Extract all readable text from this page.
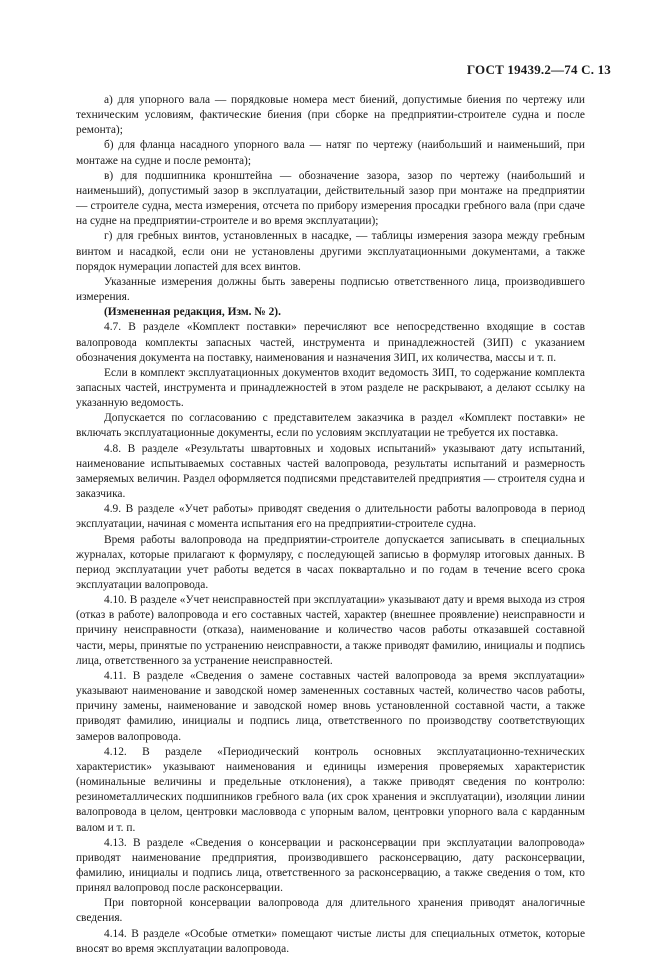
ГОСТ 19439.2—74 С. 13

а) для упорного вала — порядковые номера мест биений, допустимые биения по чертежу или техническим условиям, фактические биения (при сборке на предприятии-строителе судна и после ремонта);

б) для фланца насадного упорного вала — натяг по чертежу (наибольший и наименьший, при монтаже на судне и после ремонта);

в) для подшипника кронштейна — обозначение зазора, зазор по чертежу (наибольший и наименьший), допустимый зазор в эксплуатации, действительный зазор при монтаже на предприятии — строителе судна, места измерения, отсчета по прибору измерения просадки гребного вала (при сдаче на судне на предприятии-строителе и во время эксплуатации);

г) для гребных винтов, установленных в насадке, — таблицы измерения зазора между гребным винтом и насадкой, если они не установлены другими эксплуатационными документами, а также порядок нумерации лопастей для всех винтов.

Указанные измерения должны быть заверены подписью ответственного лица, производившего измерения.

(Измененная редакция, Изм. № 2).

4.7. В разделе «Комплект поставки» перечисляют все непосредственно входящие в состав валопровода комплекты запасных частей, инструмента и принадлежностей (ЗИП) с указанием обозначения документа на поставку, наименования и назначения ЗИП, их количества, массы и т. п.

Если в комплект эксплуатационных документов входит ведомость ЗИП, то содержание комплекта запасных частей, инструмента и принадлежностей в этом разделе не раскрывают, а делают ссылку на указанную ведомость.

Допускается по согласованию с представителем заказчика в раздел «Комплект поставки» не включать эксплуатационные документы, если по условиям эксплуатации не требуется их поставка.

4.8. В разделе «Результаты швартовных и ходовых испытаний» указывают дату испытаний, наименование испытываемых составных частей валопровода, результаты испытаний и размерность замеряемых величин. Раздел оформляется подписями представителей предприятия — строителя судна и заказчика.

4.9. В разделе «Учет работы» приводят сведения о длительности работы валопровода в период эксплуатации, начиная с момента испытания его на предприятии-строителе судна.

Время работы валопровода на предприятии-строителе допускается записывать в специальных журналах, которые прилагают к формуляру, с последующей записью в формуляр итоговых данных. В период эксплуатации учет работы ведется в часах поквартально и по годам в течение всего срока эксплуатации валопровода.

4.10. В разделе «Учет неисправностей при эксплуатации» указывают дату и время выхода из строя (отказ в работе) валопровода и его составных частей, характер (внешнее проявление) неисправности и причину неисправности (отказа), наименование и количество часов работы отказавшей составной части, меры, принятые по устранению неисправности, а также приводят фамилию, инициалы и подпись лица, ответственного за устранение неисправностей.

4.11. В разделе «Сведения о замене составных частей валопровода за время эксплуатации» указывают наименование и заводской номер замененных составных частей, количество часов работы, причину замены, наименование и заводской номер вновь установленной составной части, а также приводят фамилию, инициалы и подпись лица, ответственного по производству соответствующих замеров валопровода.

4.12. В разделе «Периодический контроль основных эксплуатационно-технических характеристик» указывают наименования и единицы измерения проверяемых характеристик (номинальные величины и предельные отклонения), а также приводят сведения по контролю: резинометаллических подшипников гребного вала (их срок хранения и эксплуатации), изоляции линии валопровода в целом, центровки масловвода с упорным валом, центровки упорного вала с карданным валом и т. п.

4.13. В разделе «Сведения о консервации и расконсервации при эксплуатации валопровода» приводят наименование предприятия, производившего расконсервацию, дату расконсервации, фамилию, инициалы и подпись лица, ответственного за расконсервацию, а также сведения о том, кто принял валопровод после расконсервации.

При повторной консервации валопровода для длительного хранения приводят аналогичные сведения.

4.14. В разделе «Особые отметки» помещают чистые листы для специальных отметок, которые вносят во время эксплуатации валопровода.
